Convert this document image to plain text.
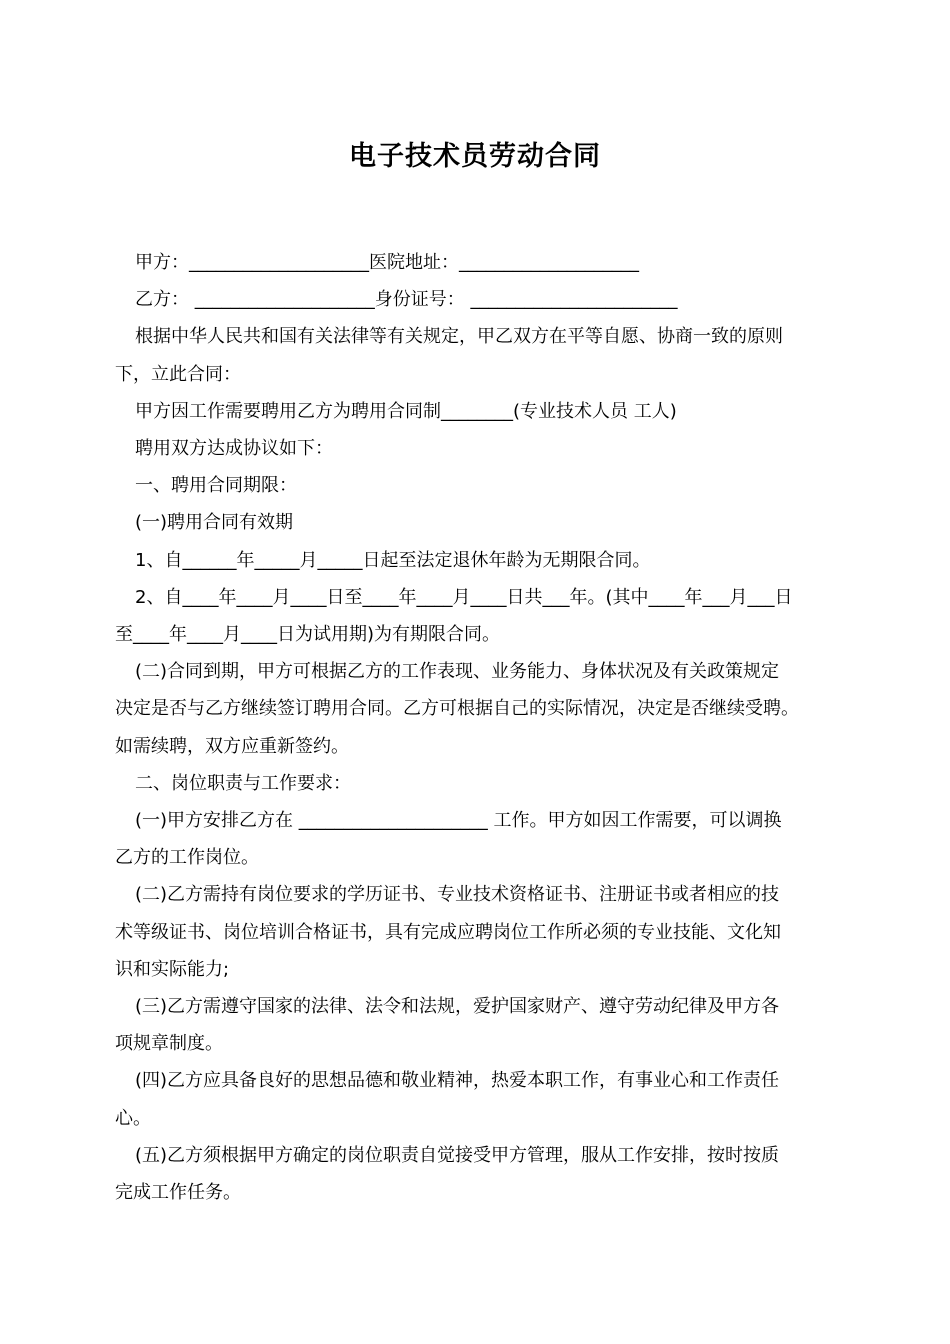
电子技术员劳动合同
甲方：____________________医院地址：____________________
乙方： ____________________身份证号： _______________________
根据中华人民共和国有关法律等有关规定，甲乙双方在平等自愿、协商一致的原则
下，立此合同：
甲方因工作需要聘用乙方为聘用合同制________(专业技术人员 工人)
聘用双方达成协议如下：
一、聘用合同期限：
(一)聘用合同有效期
1、自______年_____月_____日起至法定退休年龄为无期限合同。
2、自____年____月____日至____年____月____日共___年。(其中____年___月___日
至____年____月____日为试用期)为有期限合同。
(二)合同到期，甲方可根据乙方的工作表现、业务能力、身体状况及有关政策规定
决定是否与乙方继续签订聘用合同。乙方可根据自己的实际情况，决定是否继续受聘。
如需续聘，双方应重新签约。
二、岗位职责与工作要求：
(一)甲方安排乙方在 _____________________ 工作。甲方如因工作需要，可以调换
乙方的工作岗位。
(二)乙方需持有岗位要求的学历证书、专业技术资格证书、注册证书或者相应的技
术等级证书、岗位培训合格证书，具有完成应聘岗位工作所必须的专业技能、文化知
识和实际能力;
(三)乙方需遵守国家的法律、法令和法规，爱护国家财产、遵守劳动纪律及甲方各
项规章制度。
(四)乙方应具备良好的思想品德和敬业精神，热爱本职工作，有事业心和工作责任
心。
(五)乙方须根据甲方确定的岗位职责自觉接受甲方管理，服从工作安排，按时按质
完成工作任务。
